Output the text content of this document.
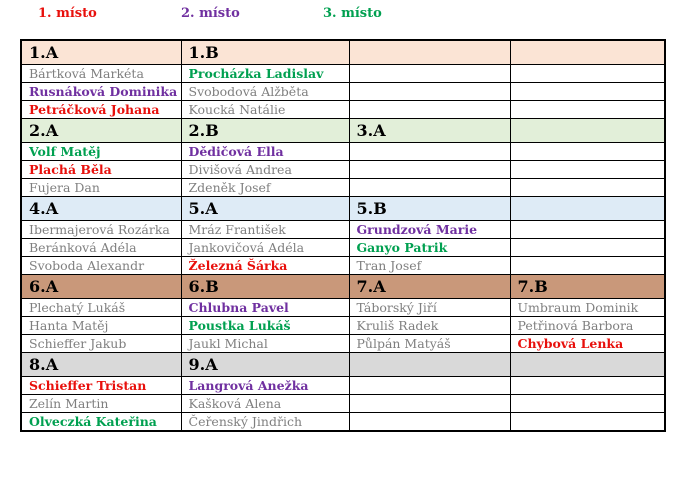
1. místo	2. místo	3. místo
1.A	1.B		
Bártková Markéta	Procházka Ladislav		
Rusnáková Dominika	Svobodová Alžběta		
Petráčková Johana	Koucká Natálie		
2.A	2.B	3.A	
Volf Matěj	Dědičová Ella		
Plachá Běla	Divišová Andrea		
Fujera Dan	Zdeněk Josef		
4.A	5.A	5.B	
Ibermajerová Rozárka	Mráz František	Grundzová Marie	
Beránková Adéla	Jankovičová Adéla	Ganyo Patrik	
Svoboda Alexandr	Železná Šárka	Tran Josef	
6.A	6.B	7.A	7.B
Plechatý Lukáš	Chlubna Pavel	Táborský Jiří	Umbraum Dominik
Hanta Matěj	Poustka Lukáš	Kruliš Radek	Petřinová Barbora
Schieffer Jakub	Jaukl Michal	Půlpán Matyáš	Chybová Lenka
8.A	9.A		
Schieffer Tristan	Langrová Anežka		
Zelín Martin	Kašková Alena		
Olveczká Kateřina	Čeřenský Jindřich		
